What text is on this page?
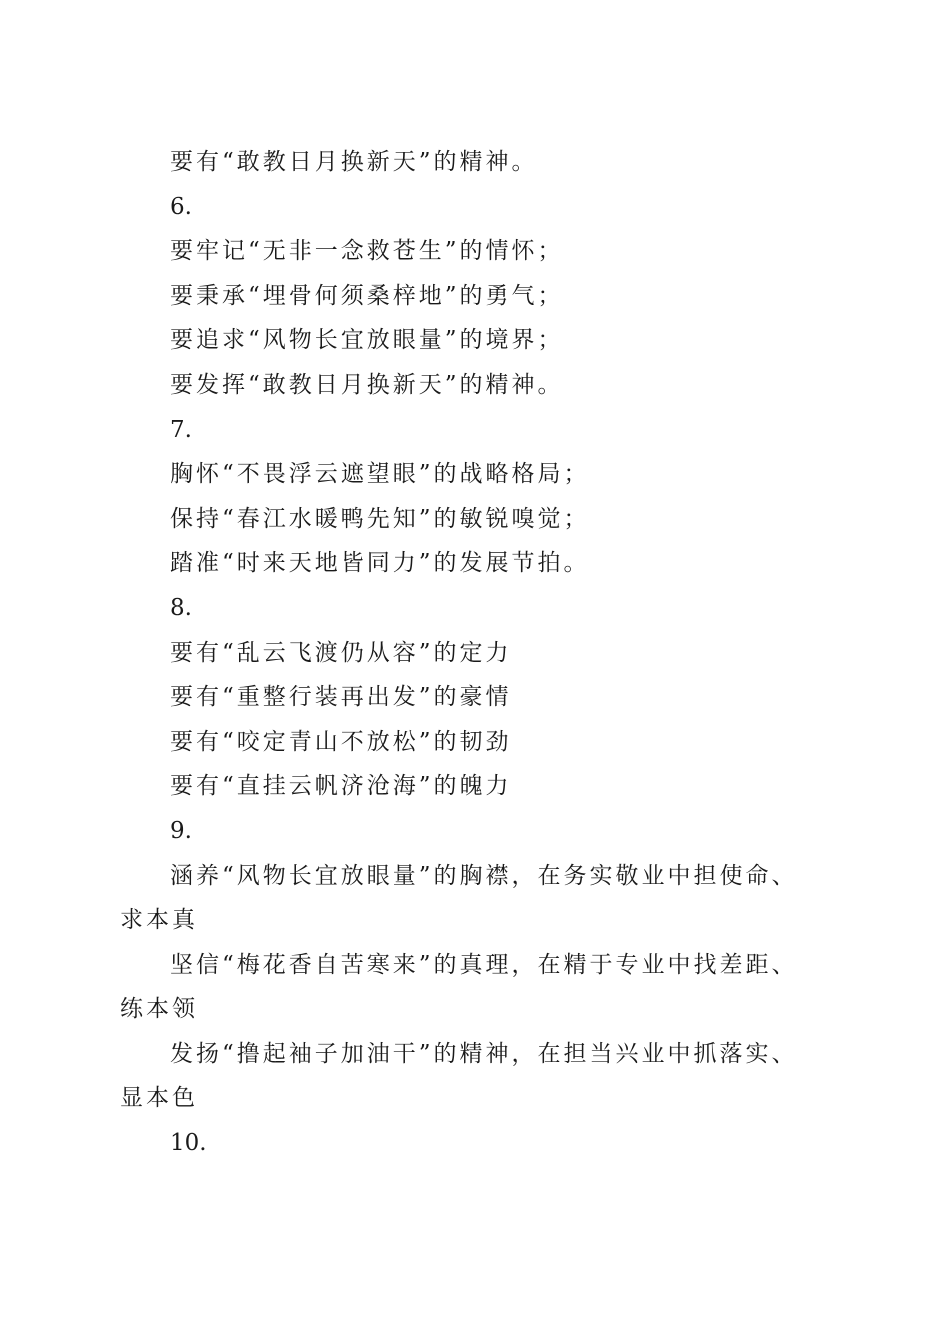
要有“敢教日月换新天”的精神。
6.
要牢记“无非一念救苍生”的情怀；
要秉承“埋骨何须桑梓地”的勇气；
要追求“风物长宜放眼量”的境界；
要发挥“敢教日月换新天”的精神。
7.
胸怀“不畏浮云遮望眼”的战略格局；
保持“春江水暖鸭先知”的敏锐嗅觉；
踏准“时来天地皆同力”的发展节拍。
8.
要有“乱云飞渡仍从容”的定力
要有“重整行装再出发”的豪情
要有“咬定青山不放松”的韧劲
要有“直挂云帆济沧海”的魄力
9.
涵养“风物长宜放眼量”的胸襟，在务实敬业中担使命、
求本真
坚信“梅花香自苦寒来”的真理，在精于专业中找差距、
练本领
发扬“撸起袖子加油干”的精神，在担当兴业中抓落实、
显本色
10.
